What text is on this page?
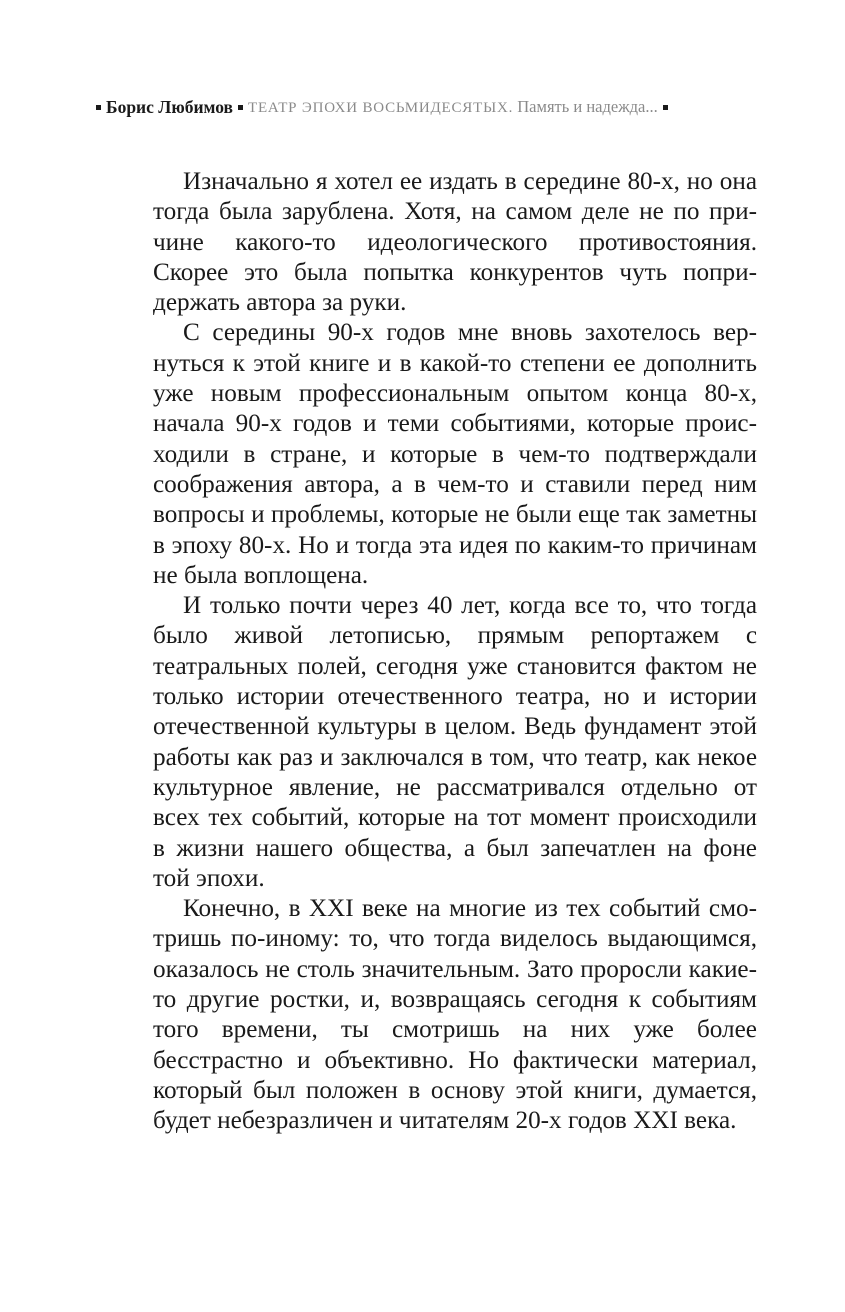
Борис Любимов ТЕАТР ЭПОХИ ВОСЬМИДЕСЯТЫХ. Память и надежда...

Изначально я хотел ее издать в середине 80-х, но она тогда была зарублена. Хотя, на самом деле не по причине какого-то идеологического противостояния. Скорее это была попытка конкурентов чуть попридержать автора за руки.

С середины 90-х годов мне вновь захотелось вернуться к этой книге и в какой-то степени ее дополнить уже новым профессиональным опытом конца 80-х, начала 90-х годов и теми событиями, которые происходили в стране, и которые в чем-то подтверждали соображения автора, а в чем-то и ставили перед ним вопросы и проблемы, которые не были еще так заметны в эпоху 80-х. Но и тогда эта идея по каким-то причинам не была воплощена.

И только почти через 40 лет, когда все то, что тогда было живой летописью, прямым репортажем с театральных полей, сегодня уже становится фактом не только истории отечественного театра, но и истории отечественной культуры в целом. Ведь фундамент этой работы как раз и заключался в том, что театр, как некое культурное явление, не рассматривался отдельно от всех тех событий, которые на тот момент происходили в жизни нашего общества, а был запечатлен на фоне той эпохи.

Конечно, в XXI веке на многие из тех событий смотришь по-иному: то, что тогда виделось выдающимся, оказалось не столь значительным. Зато проросли какие-то другие ростки, и, возвращаясь сегодня к событиям того времени, ты смотришь на них уже более бесстрастно и объективно. Но фактически материал, который был положен в основу этой книги, думается, будет небезразличен и читателям 20-х годов XXI века.
